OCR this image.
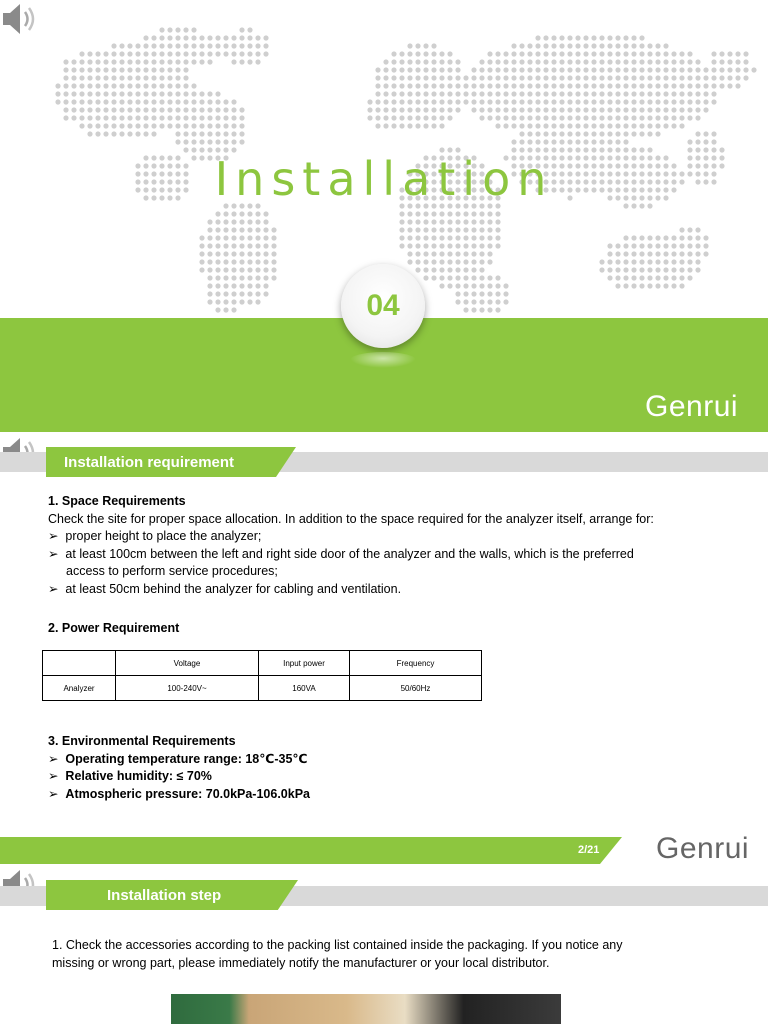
Installation
04
Genrui
Installation requirement
1. Space Requirements
Check the site for proper space allocation. In addition to the space required for the analyzer itself, arrange for:
➢  proper height to place the analyzer;
➢  at least 100cm between the left and right side door of the analyzer and the walls, which is the preferred
access to perform service procedures;
➢  at least 50cm behind the analyzer for cabling and ventilation.
2. Power Requirement
	Voltage	Input power	Frequency
Analyzer	100-240V~	160VA	50/60Hz
3. Environmental Requirements
➢  Operating temperature range: 18℃-35℃
➢  Relative humidity: ≤ 70%
➢  Atmospheric pressure: 70.0kPa-106.0kPa
2/21 Genrui
Installation step
1. Check the accessories according to the packing list contained inside the packaging. If you notice any
missing or wrong part, please immediately notify the manufacturer or your local distributor.
